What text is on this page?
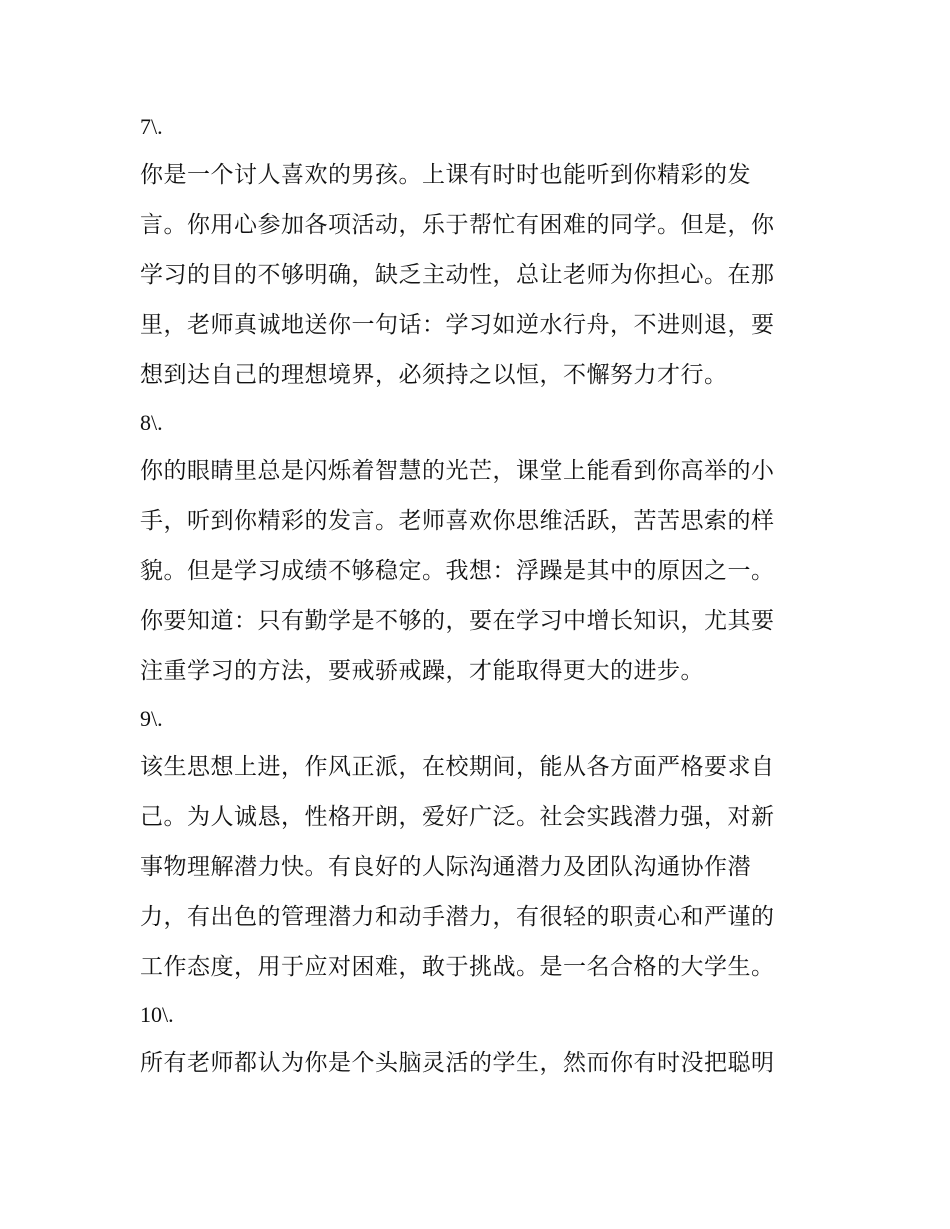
7\.
你是一个讨人喜欢的男孩。上课有时时也能听到你精彩的发
言。你用心参加各项活动，乐于帮忙有困难的同学。但是，你
学习的目的不够明确，缺乏主动性，总让老师为你担心。在那
里，老师真诚地送你一句话：学习如逆水行舟，不进则退，要
想到达自己的理想境界，必须持之以恒，不懈努力才行。
8\.
你的眼睛里总是闪烁着智慧的光芒，课堂上能看到你高举的小
手，听到你精彩的发言。老师喜欢你思维活跃，苦苦思索的样
貌。但是学习成绩不够稳定。我想：浮躁是其中的原因之一。
你要知道：只有勤学是不够的，要在学习中增长知识，尤其要
注重学习的方法，要戒骄戒躁，才能取得更大的进步。
9\.
该生思想上进，作风正派，在校期间，能从各方面严格要求自
己。为人诚恳，性格开朗，爱好广泛。社会实践潜力强，对新
事物理解潜力快。有良好的人际沟通潜力及团队沟通协作潜
力，有出色的管理潜力和动手潜力，有很轻的职责心和严谨的
工作态度，用于应对困难，敢于挑战。是一名合格的大学生。
10\.
所有老师都认为你是个头脑灵活的学生，然而你有时没把聪明
